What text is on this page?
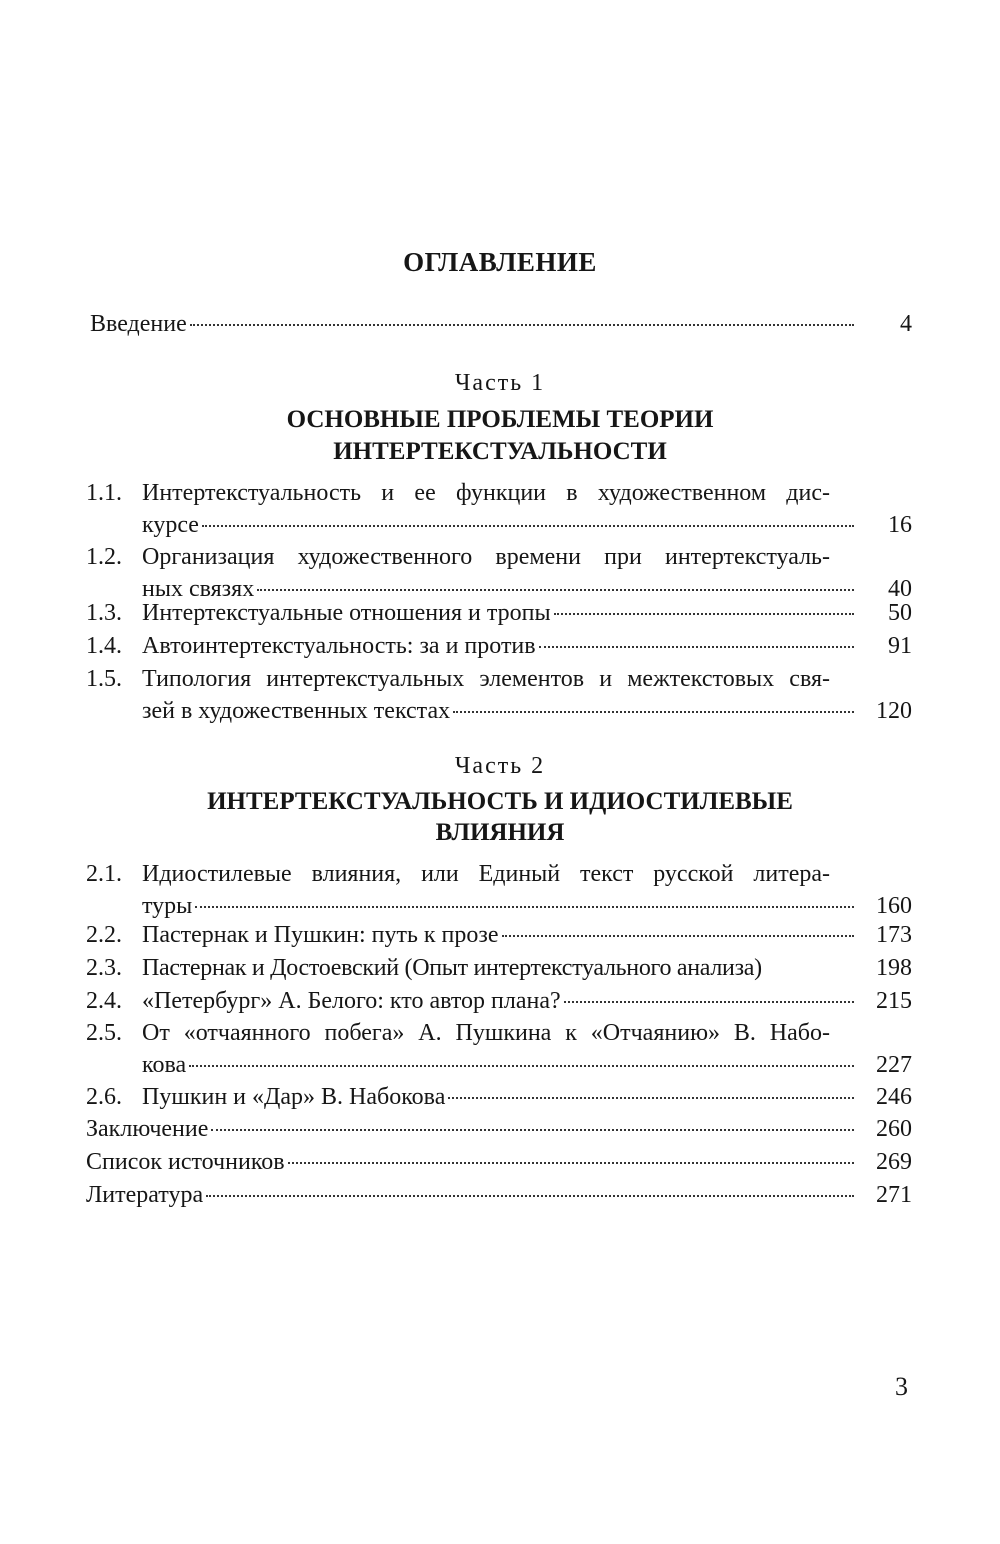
ОГЛАВЛЕНИЕ
Введение	4
Часть 1
ОСНОВНЫЕ ПРОБЛЕМЫ ТЕОРИИ
ИНТЕРТЕКСТУАЛЬНОСТИ
1.1. Интертекстуальность и ее функции в художественном дис-
курсе	16
1.2. Организация художественного времени при интертекстуаль-
ных связях	40
1.3. Интертекстуальные отношения и тропы	50
1.4. Автоинтертекстуальность: за и против	91
1.5. Типология интертекстуальных элементов и межтекстовых свя-
зей в художественных текстах	120
Часть 2
ИНТЕРТЕКСТУАЛЬНОСТЬ И ИДИОСТИЛЕВЫЕ
ВЛИЯНИЯ
2.1. Идиостилевые влияния, или Единый текст русской литера-
туры	160
2.2. Пастернак и Пушкин: путь к прозе	173
2.3. Пастернак и Достоевский (Опыт интертекстуального анализа)	198
2.4. «Петербург» А. Белого: кто автор плана?	215
2.5. От «отчаянного побега» А. Пушкина к «Отчаянию» В. Набо-
кова	227
2.6. Пушкин и «Дар» В. Набокова	246
Заключение	260
Список источников	269
Литература	271
3
